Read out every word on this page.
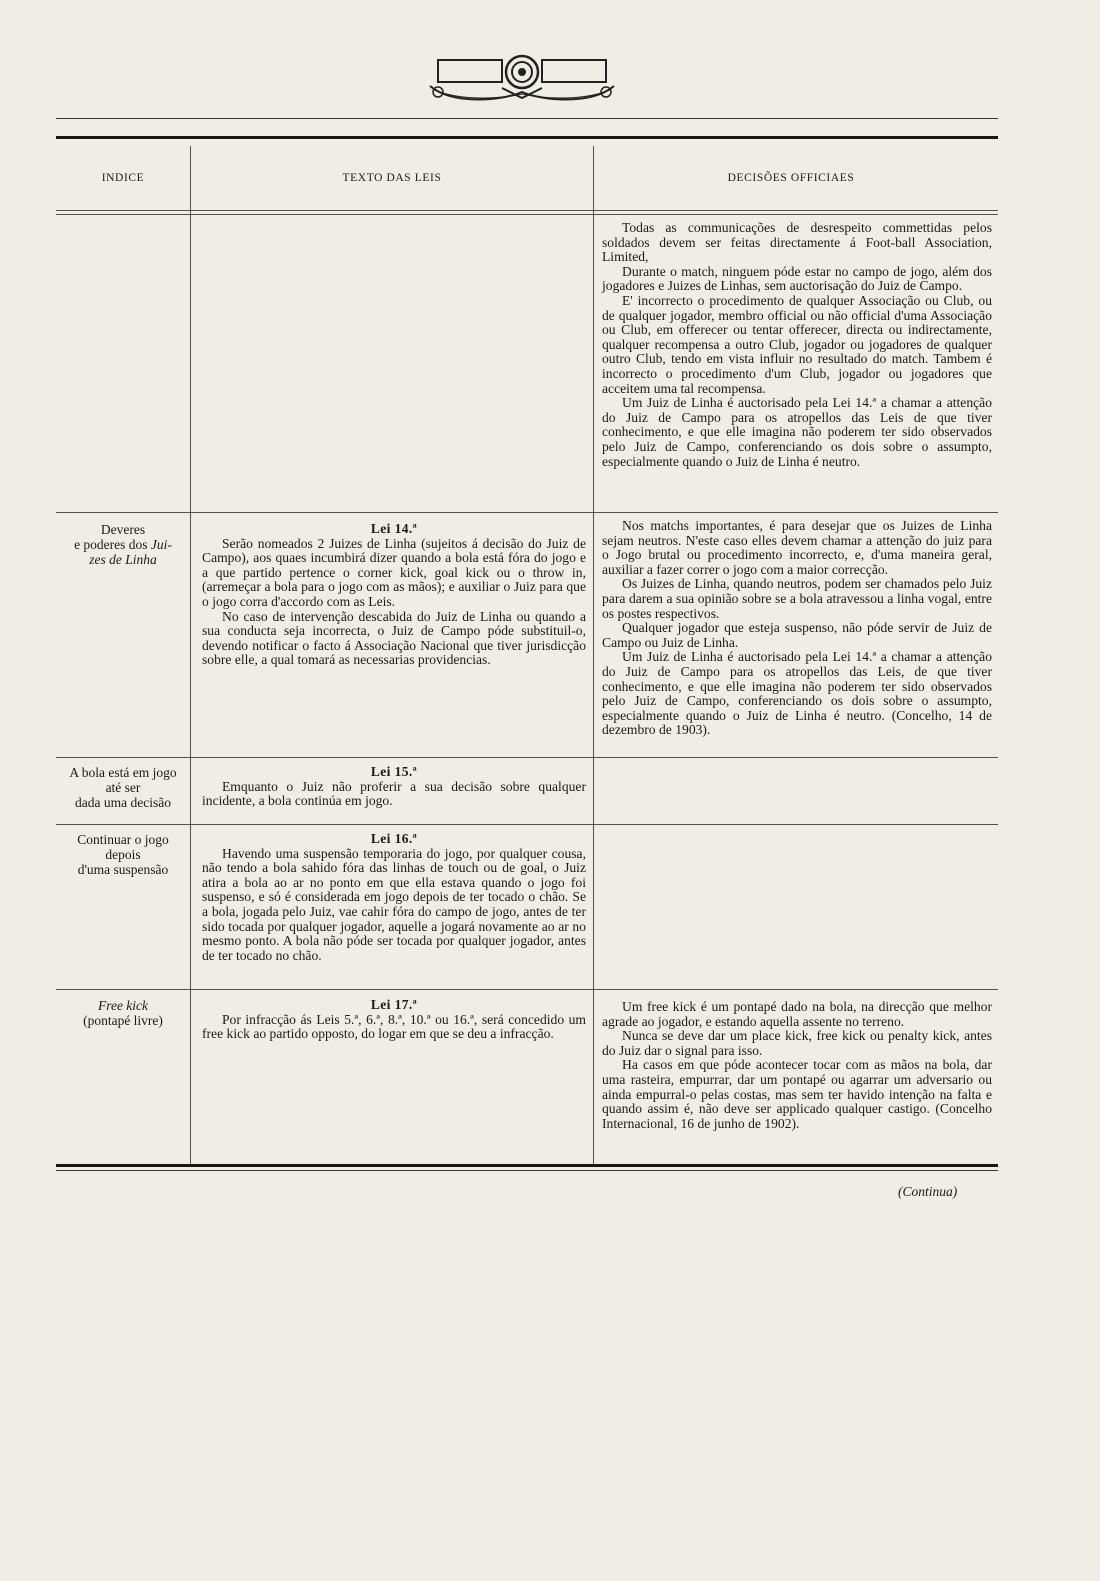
INDICE	TEXTO DAS LEIS	DECISÕES OFFICIAES

Todas as communicações de desrespeito commettidas pelos soldados devem ser feitas directamente á Foot-ball Association, Limited,

Durante o match, ninguem póde estar no campo de jogo, além dos jogadores e Juizes de Linhas, sem auctorisação do Juiz de Campo.

E' incorrecto o procedimento de qualquer Associação ou Club, ou de qualquer jogador, membro official ou não official d'uma Associação ou Club, em offerecer ou tentar offerecer, directa ou indirectamente, qualquer recompensa a outro Club, jogador ou jogadores de qualquer outro Club, tendo em vista influir no resultado do match. Tambem é incorrecto o procedimento d'um Club, jogador ou jogadores que acceitem uma tal recompensa.

Um Juiz de Linha é auctorisado pela Lei 14.ª a chamar a attenção do Juiz de Campo para os atropellos das Leis de que tiver conhecimento, e que elle imagina não poderem ter sido observados pelo Juiz de Campo, conferenciando os dois sobre o assumpto, especialmente quando o Juiz de Linha é neutro.

Deveres
e poderes dos Jui-
zes de Linha

Lei 14.ª

Serão nomeados 2 Juizes de Linha (sujeitos á decisão do Juiz de Campo), aos quaes incumbirá dizer quando a bola está fóra do jogo e a que partido pertence o corner kick, goal kick ou o throw in, (arremeçar a bola para o jogo com as mãos); e auxiliar o Juiz para que o jogo corra d'accordo com as Leis.

No caso de intervenção descabida do Juiz de Linha ou quando a sua conducta seja incorrecta, o Juiz de Campo póde substituil-o, devendo notificar o facto á Associação Nacional que tiver jurisdicção sobre elle, a qual tomará as necessarias providencias.

Nos matchs importantes, é para desejar que os Juizes de Linha sejam neutros. N'este caso elles devem chamar a attenção do juiz para o Jogo brutal ou procedimento incorrecto, e, d'uma maneira geral, auxiliar a fazer correr o jogo com a maior correcção.

Os Juizes de Linha, quando neutros, podem ser chamados pelo Juiz para darem a sua opinião sobre se a bola atravessou a linha vogal, entre os postes respectivos.

Qualquer jogador que esteja suspenso, não póde servir de Juiz de Campo ou Juiz de Linha.

Um Juiz de Linha é auctorisado pela Lei 14.ª a chamar a attenção do Juiz de Campo para os atropellos das Leis, de que tiver conhecimento, e que elle imagina não poderem ter sido observados pelo Juiz de Campo, conferenciando os dois sobre o assumpto, especialmente quando o Juiz de Linha é neutro. (Concelho, 14 de dezembro de 1903).

A bola está em jogo
até ser
dada uma decisão

Lei 15.ª

Emquanto o Juiz não proferir a sua decisão sobre qualquer incidente, a bola continúa em jogo.

Continuar o jogo
depois
d'uma suspensão

Lei 16.ª

Havendo uma suspensão temporaria do jogo, por qualquer cousa, não tendo a bola sahido fóra das linhas de touch ou de goal, o Juiz atira a bola ao ar no ponto em que ella estava quando o jogo foi suspenso, e só é considerada em jogo depois de ter tocado o chão. Se a bola, jogada pelo Juiz, vae cahir fóra do campo de jogo, antes de ter sido tocada por qualquer jogador, aquelle a jogará novamente ao ar no mesmo ponto. A bola não póde ser tocada por qualquer jogador, antes de ter tocado no chão.

Free kick
(pontapé livre)

Lei 17.ª

Por infracção ás Leis 5.ª, 6.ª, 8.ª, 10.ª ou 16.ª, será concedido um free kick ao partido opposto, do logar em que se deu a infracção.

Um free kick é um pontapé dado na bola, na direcção que melhor agrade ao jogador, e estando aquella assente no terreno.

Nunca se deve dar um place kick, free kick ou penalty kick, antes do Juiz dar o signal para isso.

Ha casos em que póde acontecer tocar com as mãos na bola, dar uma rasteira, empurrar, dar um pontapé ou agarrar um adversario ou ainda empurral-o pelas costas, mas sem ter havido intenção na falta e quando assim é, não deve ser applicado qualquer castigo. (Concelho Internacional, 16 de junho de 1902).

(Continua)
